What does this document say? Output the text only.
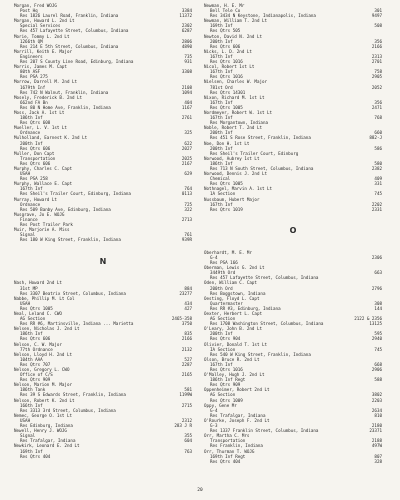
Morgan, Fred WOJG
Post Hq	3384
Res 1826 Laurel Road, Franklin, Indiana	11372
Morgan, Howard L. 2nd Lt
Special Services	2302
Res 457 Lafayette Street, Columbus, Indiana	6287
Morie, Tommy L. 2nd Lt
1266th QM	2806
Res 214 E 5th Street, Columbus, Indiana	4890
Morrill, Keith E. Major
Engineers	735
Res 207 S County Line Road, Edinburg, Indiana	931
Morris, James M. Capt
80th ASF	3308
Res PSA 275
Morrow, Darrell M. 2nd Lt
1679th Inf	2108
Res 742 N Walnut, Franklin, Indiana	1094
Mosely, Frederick B. 2nd Lt
662nd FA Bn	404
Res 80 N Home Ave, Franklin, Indiana	1167
Moss, Jack A. 1st Lt
186th Inf	2761
Res Qtrs 608
Mueller, L. V. 1st Lt
Ordnance	325
Mulholland, Earnest K. 2nd Lt
200th Inf	622
Res Qtrs 606	2027
Muller, Don Capt
Transportation	2025
Res Qtrs 606	2167
Murphy, Charles C. Capt
USAH	629
Res PSA 258
Murphy, Wallace E. Capt
167th Inf	764
Res Sheil's Trailer Court, Edinburg, Indiana	0113
Murray, Howard Lt
Ordnance	725
Res 509 Banby Ave, Edinburg, Indiana	322
Musgrave, Jo E. WOJG
Finance	2713
Res Post Trailer Park
Muir, Marjorie A. Miss
Signal	761
Res 180 W King Street, Franklin, Indiana	939R
N
Nash, Howard 2nd Lt
31st MP	884
Res 3307 Beatrix Street, Columbus, Indiana	23277
Nabbe, Phillip M. Lt Col
USAH	434
Res Qtrs 1005	427
Neal, Leland C. CWO
AG Section	2465-358
Res RR #6, Martinsville, Indiana ... Marietta	3750
Nelsen, Nicholas J. 2nd Lt
186th Inf	835
Res Qtrs 606	2166
Nelson, C. W. Major
77th Ordnance	2132
Nelson, Lloyd H. 2nd Lt
104th AAA	527
Res Qtrs 707	2287
Nelson, Gregory L. CWO
Office of C/S	2165
Res Qtrs 909
Nelson, Marion M. Major
186th Tank	581
Res 39 S Edwards Street, Franklin, Indiana	1199W
Nelson, Robert K. 2nd Lt
166th Inf	2715
Res 3313 3rd Street, Columbus, Indiana
Nemec, George O. 1st Lt
USAH	2312
Res Edinburg, Indiana	283 J R
Newell, Henry J. WOJG
Signal	355
Res Trafalgar, Indiana	604
Newkirk, Leonard E. 2nd Lt
169th Inf	763
Res Qtrs 404
Newman, H. E. Mr
Bell Tele Co	301
Res 3434 N Keystone, Indianapolis, Indiana	9497
Newman, William T. 2nd Lt
169th Inf	508
Res Qtrs 505
Newton, David N. 2nd Lt
200th Inf	356
Res Qtrs 606	2166
Nicks, L. D. 2nd Lt
167th Inf	2313
Res Qtrs 1016	2701
Nicol, Robert 1st Lt
167th Inf	758
Res Qtrs 1016	2905
Nielsen, Charles W. Major
781st Ord	2052
Res Qtrs 14301
Nixon, Richard M. 1st Lt
167th Inf	356
Res Qtrs 1005	2471
Nordmeyer, Robert W. 1st Lt
167th Inf	768
Res Morgantown, Indiana
Noble, Robert T. 2nd Lt
200th Inf	660
Res 451 S Rose Street, Franklin, Indiana	882-J
Noe, Don H. 1st Lt
200th Inf	586
Res Sheil's Trailer Court, Edinburg
Norwood, Aubrey 1st Lt
186th Inf	580
Res 713 N South Street, Columbus, Indiana	2382
Norwood, Dennis J. 2nd Lt
Chemical	409
Res Qtrs 1005	331
Nothnagel, Marvin A. 1st Lt
1A Section	745
Nussbaum, Hubert Major
167th Inf	2202
Res Qtrs 1019	2331
O
Oberhardt, M. E. Mr
G-4	2306
Res PSA 166
Oberman, Lewis G. 2nd Lt
3449th Ord	663
Res 457 Lafayette Street, Columbus, Indiana
Oden, William C. Capt
200th Ord	2796
Res Boggstown, Indiana
Oesting, Floyd L. Capt
Quartermaster	308
Res RR #3, Edinburg, Indiana	144
Oexter, Herbert L. Capt
AG Section	2122 & 2356
Res 1708 Washington Street, Columbus, Indiana	13125
O'Leary, John B. 2nd Lt
200th Inf	595
Res Qtrs 904	2940
Olivier, Donald T. 1st Lt
IA Section	745
Res 540 W King Street, Franklin, Indiana
Olson, Bruce R. 2nd Lt
167th Inf	668
Res Qtrs 1016	2906
O'Malley, Hugh J. 2nd Lt
186th Inf Regt	588
Res Qtrs 909
Oppenheimer, Robert 2nd Lt
AG Section	3802
Res Qtrs 1009	2203
Oppy, Gene Mr
G-4	2634
Res Trafalgar, Indiana	810
O'Rourke, Joseph F. 2nd Lt
G-3	2180
Res 1337 Franklin Street, Columbus, Indiana	23371
Orr, Martha C. Mrs
Transportation	2188
Res Franklin, Indiana	497W
Orr, Thurman T. WOJG
169th Inf Regt	807
Res Qtrs 404	328
20
